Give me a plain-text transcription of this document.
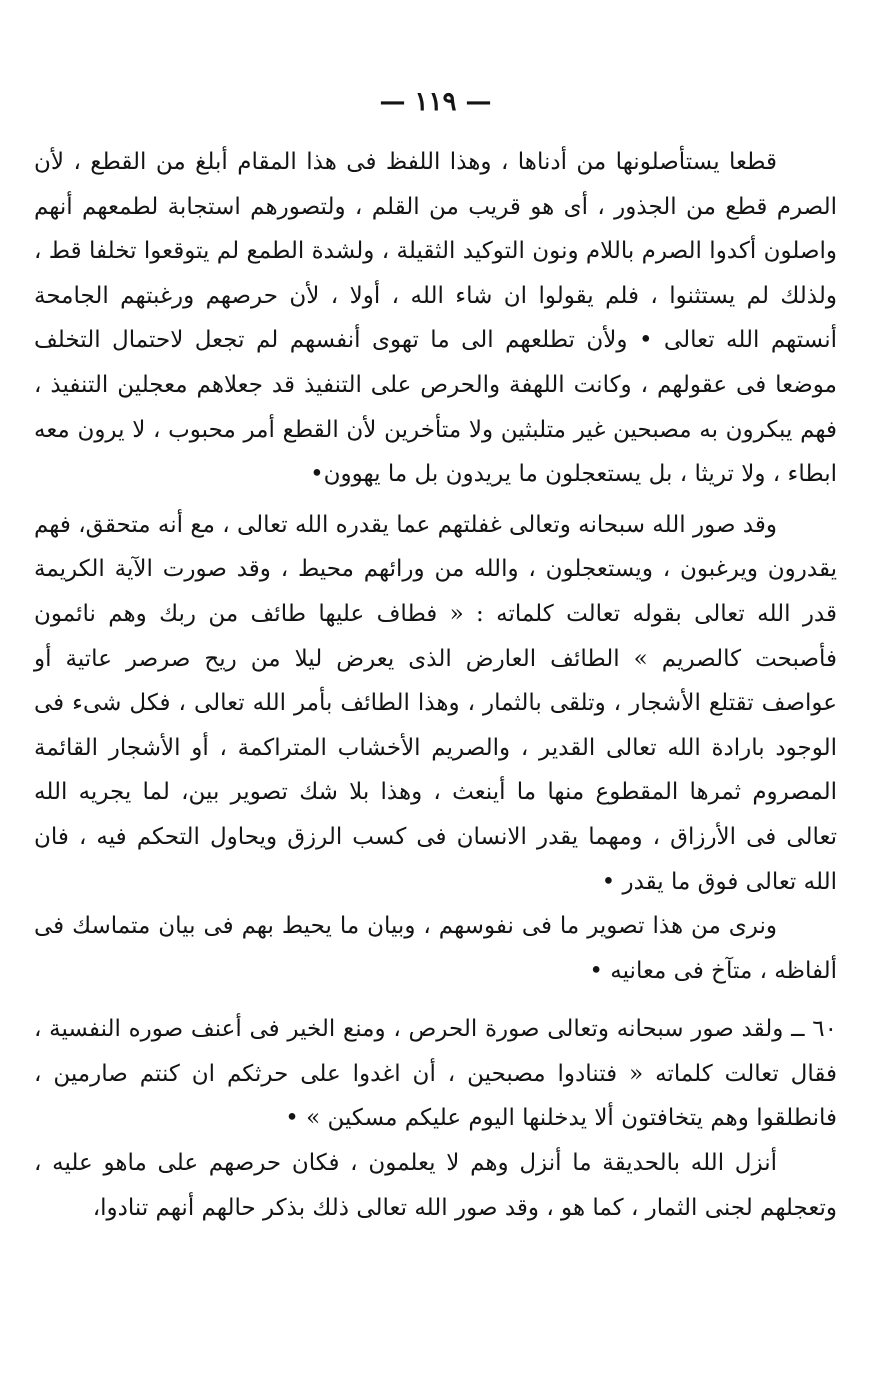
— ١١٩ —

قطعا يستأصلونها من أدناها ، وهذا اللفظ فى هذا المقام أبلغ من القطع ، لأن الصرم قطع من الجذور ، أى هو قريب من القلم ، ولتصورهم استجابة لطمعهم أنهم واصلون أكدوا الصرم باللام ونون التوكيد الثقيلة ، ولشدة الطمع لم يتوقعوا تخلفا قط ، ولذلك لم يستثنوا ، فلم يقولوا ان شاء الله ، أولا ، لأن حرصهم ورغبتهم الجامحة أنستهم الله تعالى • ولأن تطلعهم الى ما تهوى أنفسهم لم تجعل لاحتمال التخلف موضعا فى عقولهم ، وكانت اللهفة والحرص على التنفيذ قد جعلاهم معجلين التنفيذ ، فهم يبكرون به مصبحين غير متلبثين ولا متأخرين لأن القطع أمر محبوب ، لا يرون معه ابطاء ، ولا تريثا ، بل يستعجلون ما يريدون بل ما يهوون•

وقد صور الله سبحانه وتعالى غفلتهم عما يقدره الله تعالى ، مع أنه متحقق، فهم يقدرون ويرغبون ، ويستعجلون ، والله من ورائهم محيط ، وقد صورت الآية الكريمة قدر الله تعالى بقوله تعالت كلماته : « فطاف عليها طائف من ربك وهم نائمون فأصبحت كالصريم » الطائف العارض الذى يعرض ليلا من ريح صرصر عاتية أو عواصف تقتلع الأشجار ، وتلقى بالثمار ، وهذا الطائف بأمر الله تعالى ، فكل شىء فى الوجود بارادة الله تعالى القدير ، والصريم الأخشاب المتراكمة ، أو الأشجار القائمة المصروم ثمرها المقطوع منها ما أينعث ، وهذا بلا شك تصوير بين، لما يجريه الله تعالى فى الأرزاق ، ومهما يقدر الانسان فى كسب الرزق ويحاول التحكم فيه ، فان الله تعالى فوق ما يقدر •

ونرى من هذا تصوير ما فى نفوسهم ، وبيان ما يحيط بهم فى بيان متماسك فى ألفاظه ، متآخ فى معانيه •

٦٠ ــ ولقد صور سبحانه وتعالى صورة الحرص ، ومنع الخير فى أعنف صوره النفسية ، فقال تعالت كلماته « فتنادوا مصبحين ، أن اغدوا على حرثكم ان كنتم صارمين ، فانطلقوا وهم يتخافتون ألا يدخلنها اليوم عليكم مسكين » •

أنزل الله بالحديقة ما أنزل وهم لا يعلمون ، فكان حرصهم على ماهو عليه ، وتعجلهم لجنى الثمار ، كما هو ، وقد صور الله تعالى ذلك بذكر حالهم أنهم تنادوا،
